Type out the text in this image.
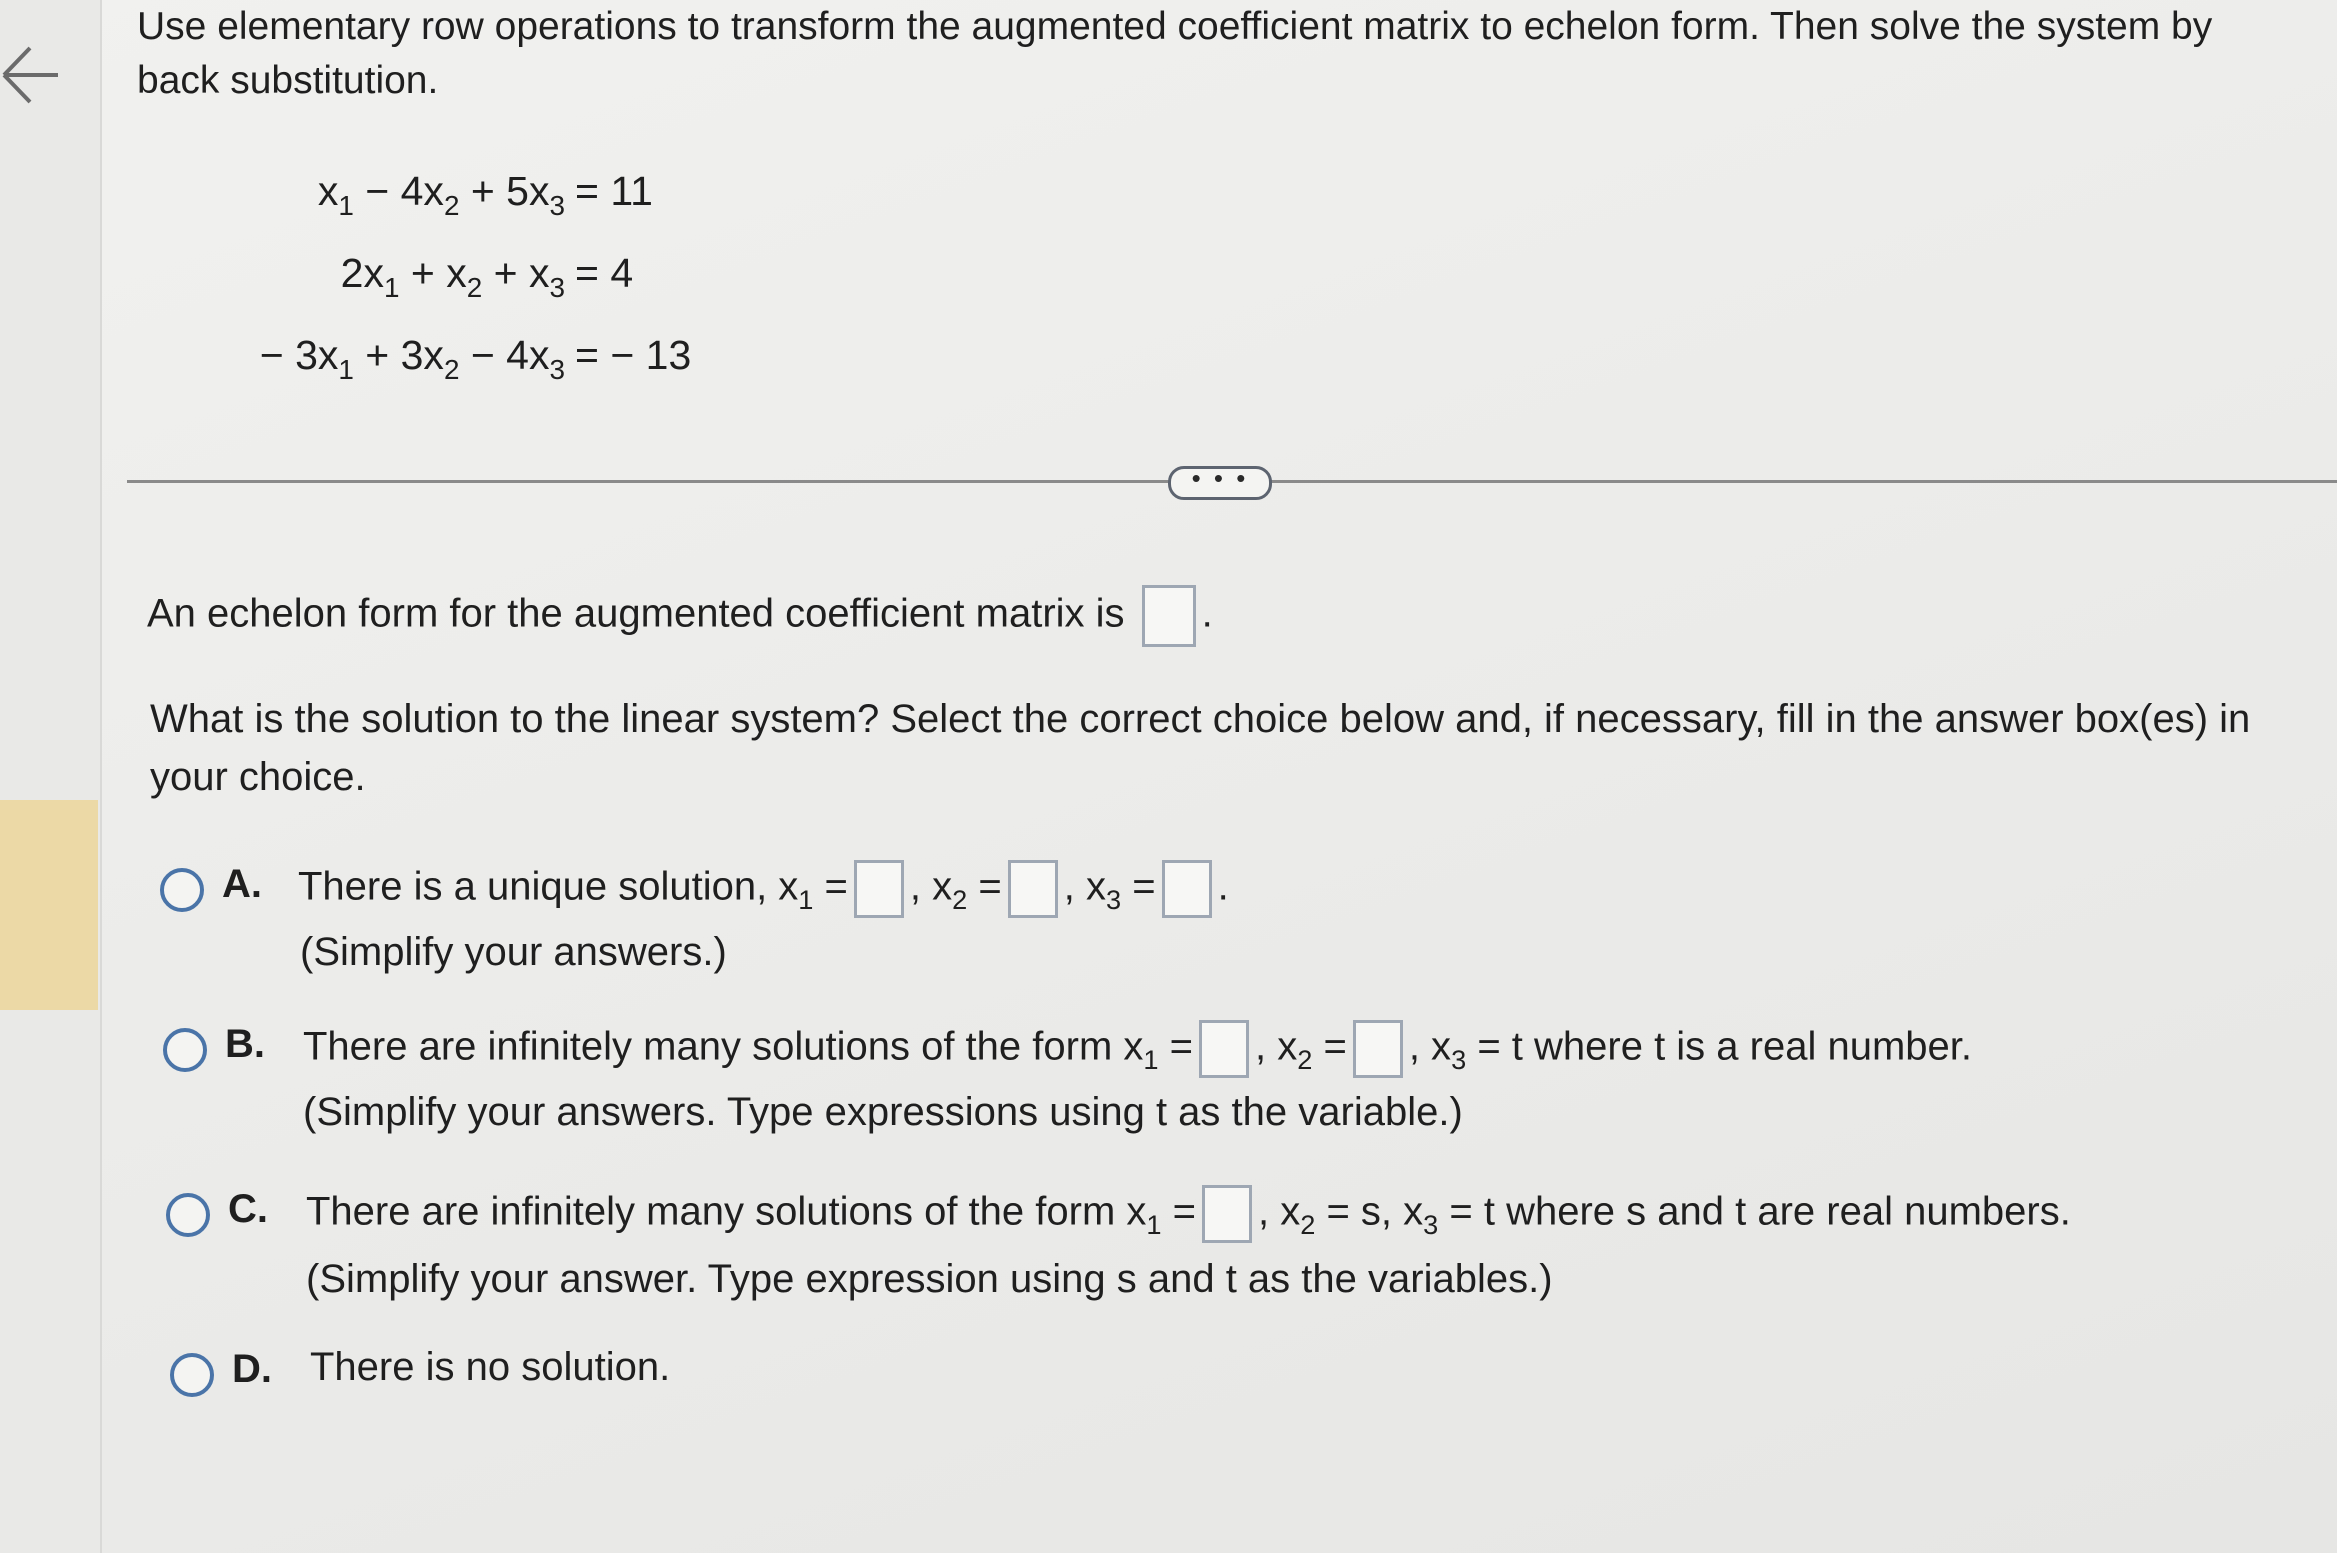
Use elementary row operations to transform the augmented coefficient matrix to echelon form. Then solve the system by
back substitution.
$x_1 - 4x_2 + 5x_3$
$2x_1 + x_2 + x_3$
− $3x_1 + 3x_2 - 4x_3$
= 11
= 4
= − 13
• • •
An echelon form for the augmented coefficient matrix is .
What is the solution to the linear system? Select the correct choice below and, if necessary, fill in the answer box(es) in
your choice.
A. There is a unique solution, $x_1$ = , $x_2$ = , $x_3$ = .
(Simplify your answers.)
B. There are infinitely many solutions of the form $x_1$ = , $x_2$ = , $x_3 = t$ where t is a real number.
(Simplify your answers. Type expressions using t as the variable.)
C. There are infinitely many solutions of the form $x_1$ = , $x_2 = s$, $x_3 = t$ where s and t are real numbers.
(Simplify your answer. Type expression using s and t as the variables.)
D. There is no solution.
